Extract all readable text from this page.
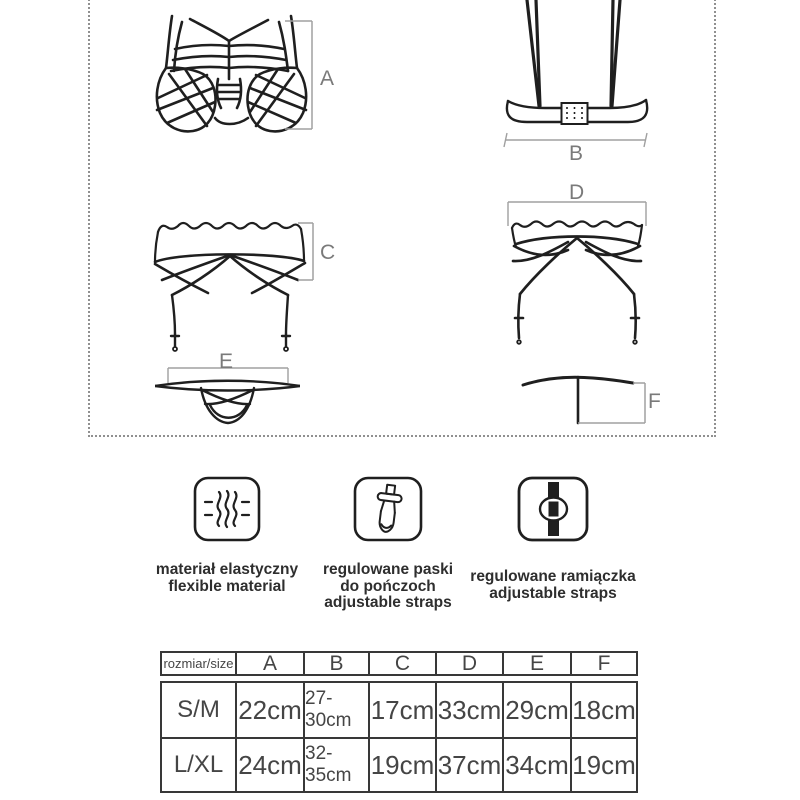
A
B
C
D
E
F
materiał elastyczny
flexible material
regulowane paski
do pończoch
adjustable straps
regulowane ramiączka
adjustable straps
rozmiar/size	A	B	C	D	E	F
S/M 22cm 27-30cm 17cm 33cm 29cm 18cm
L/XL 24cm 32-35cm 19cm 37cm 34cm 19cm
